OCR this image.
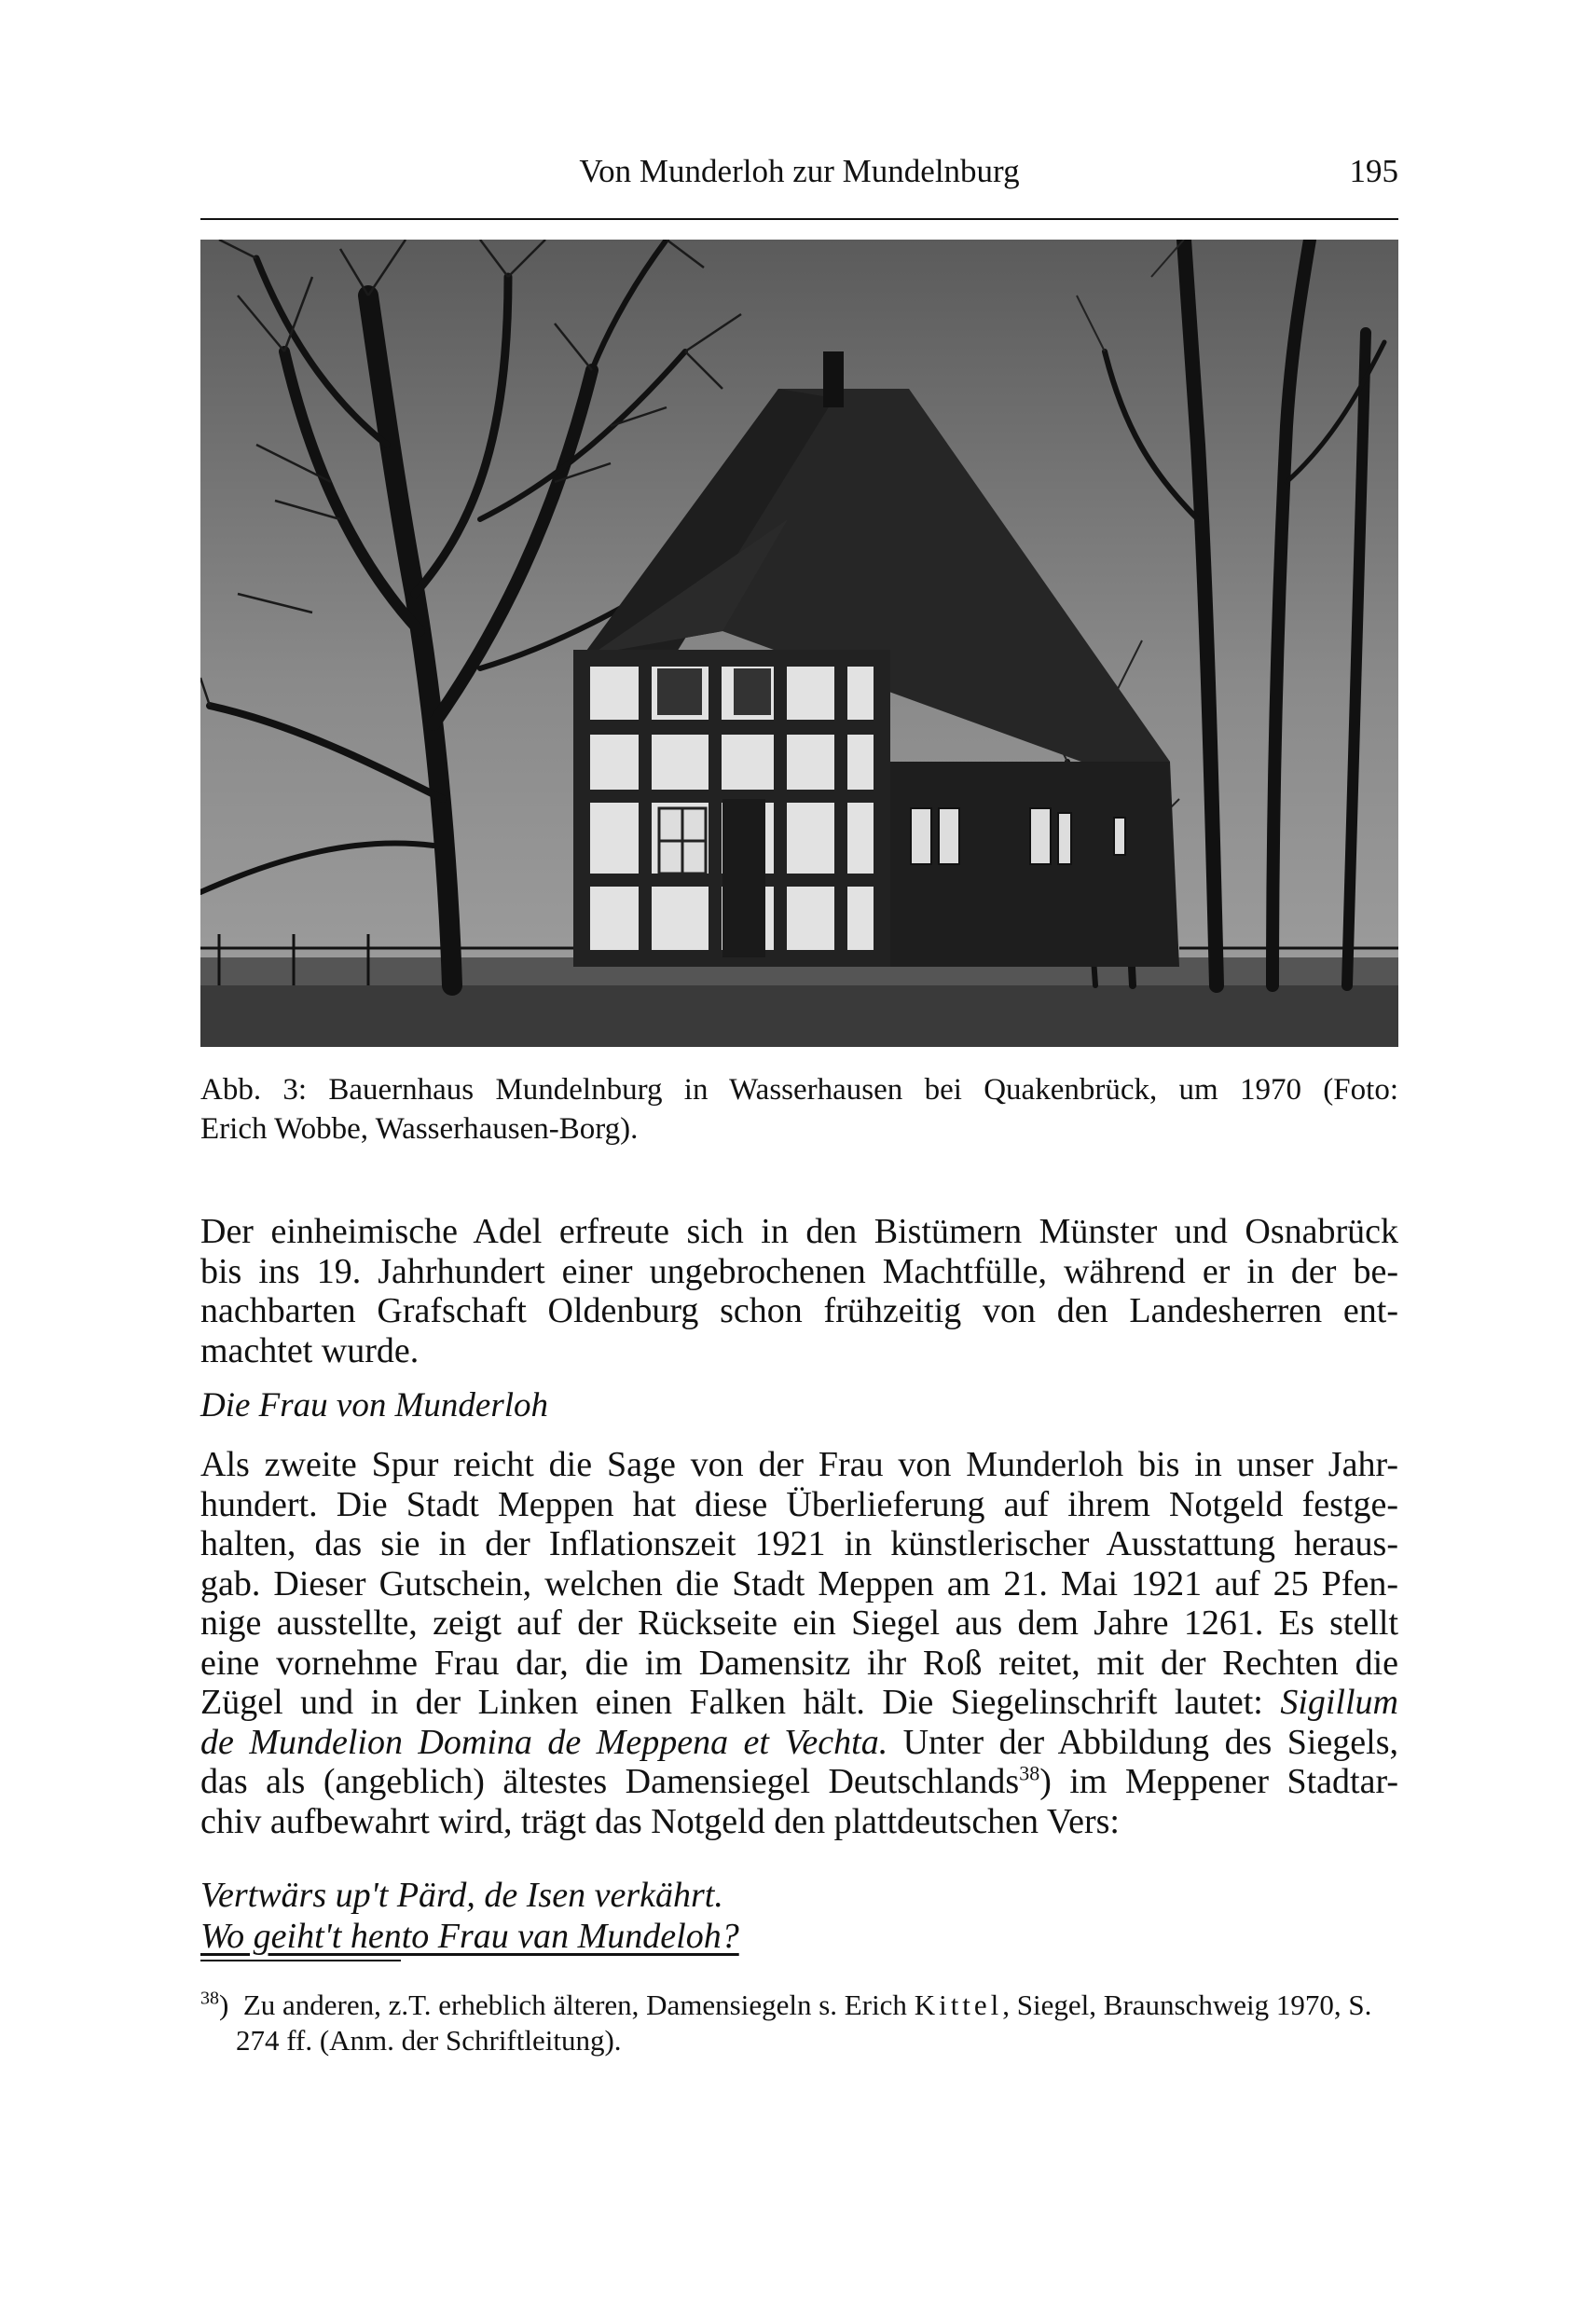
Von Munderloh zur Mundelnburg	195
Abb. 3: Bauernhaus Mundelnburg in Wasserhausen bei Quakenbrück, um 1970 (Foto:
Erich Wobbe, Wasserhausen-Borg).
Der einheimische Adel erfreute sich in den Bistümern Münster und Osnabrück
bis ins 19. Jahrhundert einer ungebrochenen Machtfülle, während er in der be-
nachbarten Grafschaft Oldenburg schon frühzeitig von den Landesherren ent-
machtet wurde.
Die Frau von Munderloh
Als zweite Spur reicht die Sage von der Frau von Munderloh bis in unser Jahr-
hundert. Die Stadt Meppen hat diese Überlieferung auf ihrem Notgeld festge-
halten, das sie in der Inflationszeit 1921 in künstlerischer Ausstattung heraus-
gab. Dieser Gutschein, welchen die Stadt Meppen am 21. Mai 1921 auf 25 Pfen-
nige ausstellte, zeigt auf der Rückseite ein Siegel aus dem Jahre 1261. Es stellt
eine vornehme Frau dar, die im Damensitz ihr Roß reitet, mit der Rechten die
Zügel und in der Linken einen Falken hält. Die Siegelinschrift lautet: Sigillum
de Mundelion Domina de Meppena et Vechta. Unter der Abbildung des Siegels,
das als (angeblich) ältestes Damensiegel Deutschlands$^{38}$) im Meppener Stadtar-
chiv aufbewahrt wird, trägt das Notgeld den plattdeutschen Vers:
Vertwärs up't Pärd, de Isen verkährt.
Wo geiht't hento Frau van Mundeloh?
$^{38}$) Zu anderen, z.T. erheblich älteren, Damensiegeln s. Erich Kittel, Siegel, Braunschweig 1970, S.
274 ff. (Anm. der Schriftleitung).
